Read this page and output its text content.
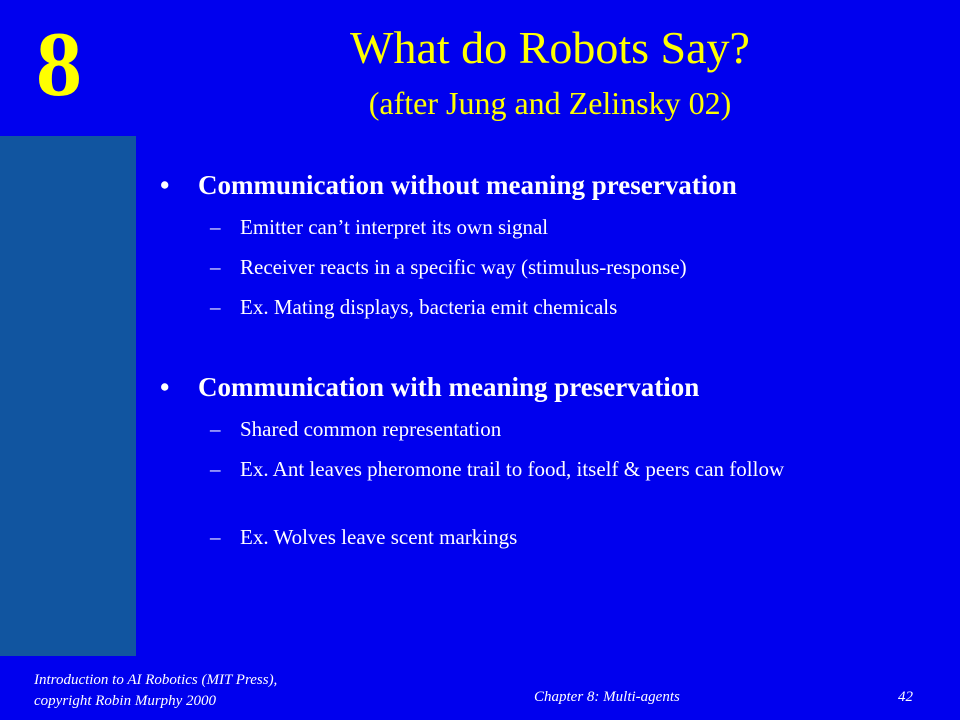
8	What do Robots Say?
(after Jung and Zelinsky 02)
• Communication without meaning preservation
– Emitter can’t interpret its own signal
– Receiver reacts in a specific way (stimulus-response)
– Ex. Mating displays, bacteria emit chemicals
• Communication with meaning preservation
– Shared common representation
– Ex. Ant leaves pheromone trail to food, itself & peers can follow
– Ex. Wolves leave scent markings
Introduction to AI Robotics (MIT Press),
copyright Robin Murphy 2000	Chapter 8: Multi-agents	42
